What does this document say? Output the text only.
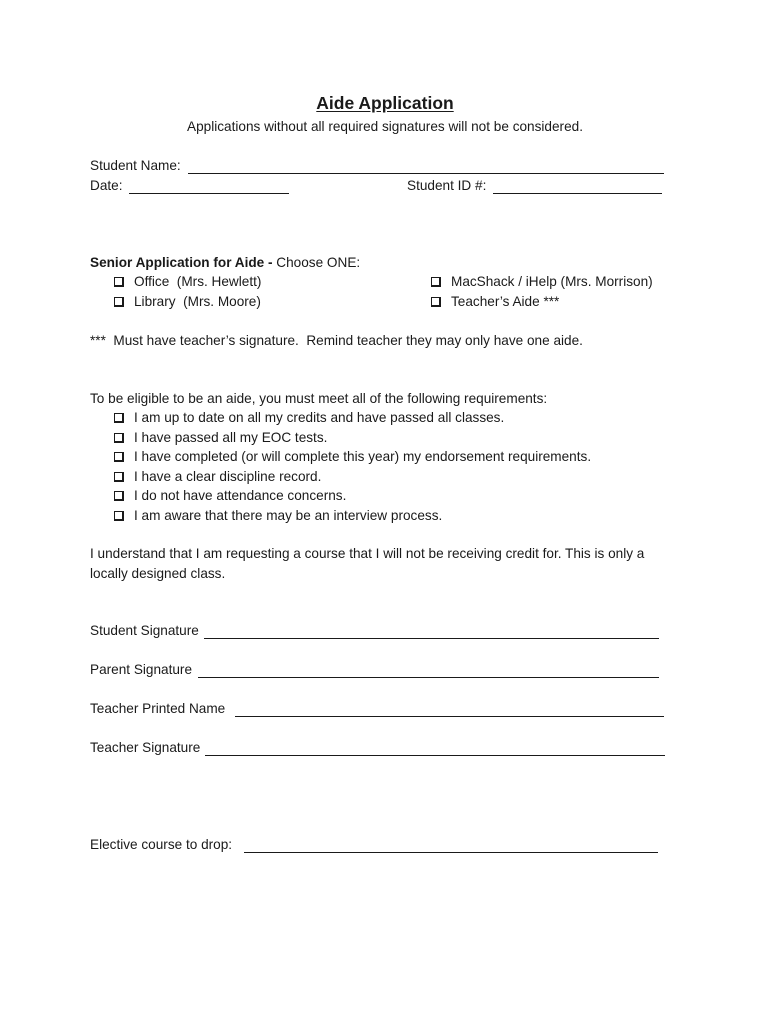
Aide Application
Applications without all required signatures will not be considered.
Student Name:
Date:	Student ID #:
Senior Application for Aide - Choose ONE:
Office  (Mrs. Hewlett)
Library  (Mrs. Moore)
MacShack / iHelp (Mrs. Morrison)
Teacher’s Aide ***
***  Must have teacher’s signature.  Remind teacher they may only have one aide.
To be eligible to be an aide, you must meet all of the following requirements:
I am up to date on all my credits and have passed all classes.
I have passed all my EOC tests.
I have completed (or will complete this year) my endorsement requirements.
I have a clear discipline record.
I do not have attendance concerns.
I am aware that there may be an interview process.
I understand that I am requesting a course that I will not be receiving credit for. This is only a locally designed class.
Student Signature
Parent Signature
Teacher Printed Name
Teacher Signature
Elective course to drop:
